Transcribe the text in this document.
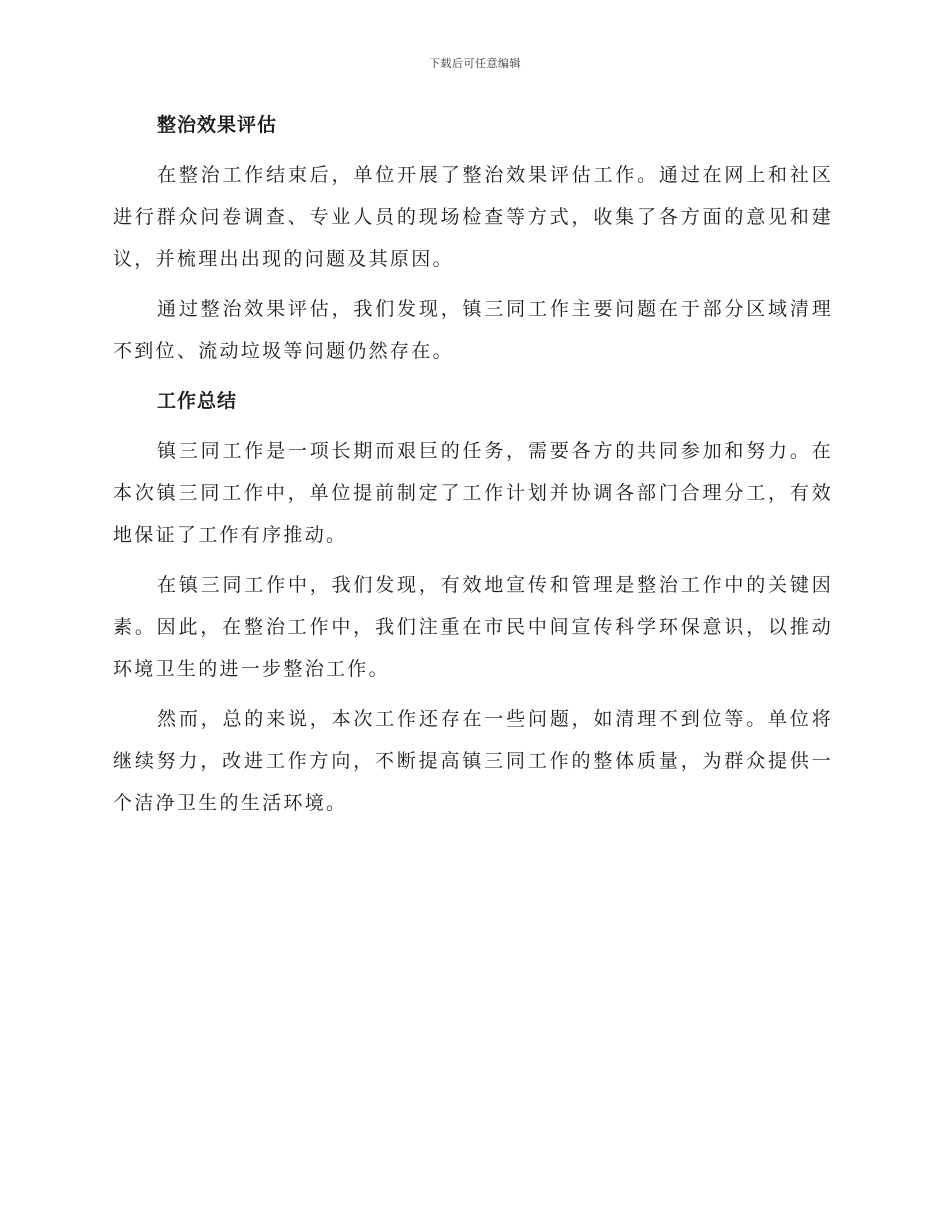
下载后可任意编辑
整治效果评估

在整治工作结束后，单位开展了整治效果评估工作。通过在网上和社区进行群众问卷调查、专业人员的现场检查等方式，收集了各方面的意见和建议，并梳理出出现的问题及其原因。

通过整治效果评估，我们发现，镇三同工作主要问题在于部分区域清理不到位、流动垃圾等问题仍然存在。

工作总结

镇三同工作是一项长期而艰巨的任务，需要各方的共同参加和努力。在本次镇三同工作中，单位提前制定了工作计划并协调各部门合理分工，有效地保证了工作有序推动。

在镇三同工作中，我们发现，有效地宣传和管理是整治工作中的关键因素。因此，在整治工作中，我们注重在市民中间宣传科学环保意识，以推动环境卫生的进一步整治工作。

然而，总的来说，本次工作还存在一些问题，如清理不到位等。单位将继续努力，改进工作方向，不断提高镇三同工作的整体质量，为群众提供一个洁净卫生的生活环境。
